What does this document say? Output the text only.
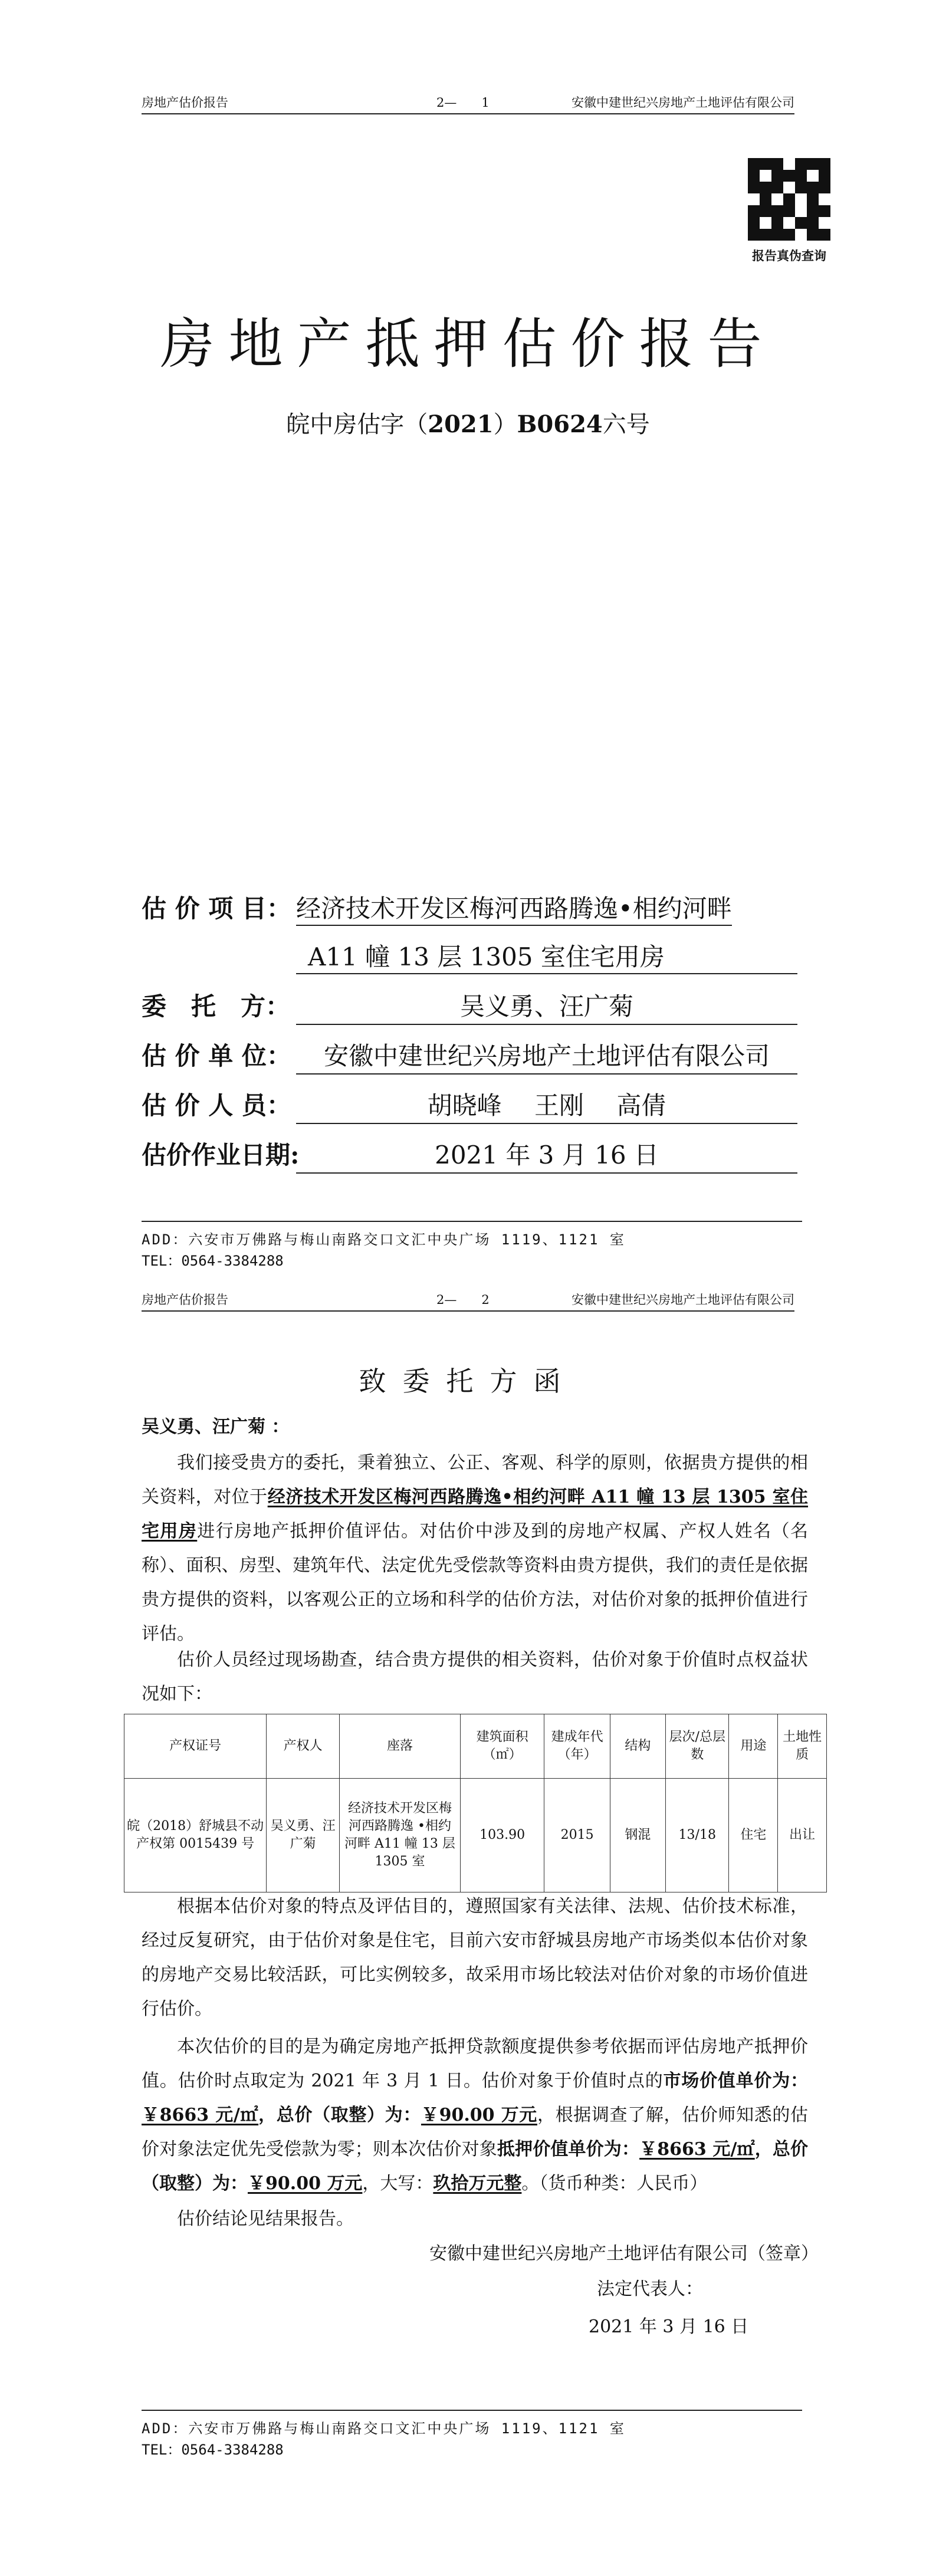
房地产估价报告	2—　　1	安徽中建世纪兴房地产土地评估有限公司
报告真伪查询
房地产抵押估价报告
皖中房估字（2021）B0624六号
估 价 项 目： 经济技术开发区梅河西路腾逸•相约河畔
A11 幢 13 层 1305 室住宅用房
委　托　方：	吴义勇、汪广菊
估 价 单 位： 安徽中建世纪兴房地产土地评估有限公司
估 价 人 员：	胡晓峰　 王刚　 高倩
估价作业日期:	2021 年 3 月 16 日
ADD：六安市万佛路与梅山南路交口文汇中央广场 1119、1121 室
TEL：0564-3384288
房地产估价报告	2—　　2	安徽中建世纪兴房地产土地评估有限公司
致委托方函
吴义勇、汪广菊 ：
我们接受贵方的委托，秉着独立、公正、客观、科学的原则，依据贵方提供的相关资料，对位于经济技术开发区梅河西路腾逸•相约河畔 A11 幢 13 层 1305 室住宅用房进行房地产抵押价值评估。对估价中涉及到的房地产权属、产权人姓名（名称）、面积、房型、建筑年代、法定优先受偿款等资料由贵方提供，我们的责任是依据贵方提供的资料，以客观公正的立场和科学的估价方法，对估价对象的抵押价值进行评估。
估价人员经过现场勘查，结合贵方提供的相关资料，估价对象于价值时点权益状况如下：
产权证号	产权人	座落	建筑面积（㎡）	建成年代（年）	结构	层次/总层数	用途	土地性质
皖（2018）舒城县不动产权第 0015439 号	吴义勇、汪广菊	经济技术开发区梅河西路腾逸 •相约河畔 A11 幢 13 层 1305 室	103.90	2015	钢混	13/18	住宅	出让
根据本估价对象的特点及评估目的，遵照国家有关法律、法规、估价技术标准，经过反复研究，由于估价对象是住宅，目前六安市舒城县房地产市场类似本估价对象的房地产交易比较活跃，可比实例较多，故采用市场比较法对估价对象的市场价值进行估价。
本次估价的目的是为确定房地产抵押贷款额度提供参考依据而评估房地产抵押价值。估价时点取定为 2021 年 3 月 1 日。估价对象于价值时点的市场价值单价为：￥8663 元/㎡，总价（取整）为：￥90.00 万元，根据调查了解，估价师知悉的估价对象法定优先受偿款为零；则本次估价对象抵押价值单价为：￥8663 元/㎡，总价（取整）为：￥90.00 万元，大写：玖拾万元整。（货币种类：人民币）
估价结论见结果报告。
安徽中建世纪兴房地产土地评估有限公司（签章）
法定代表人：
2021 年 3 月 16 日
ADD：六安市万佛路与梅山南路交口文汇中央广场 1119、1121 室
TEL：0564-3384288
